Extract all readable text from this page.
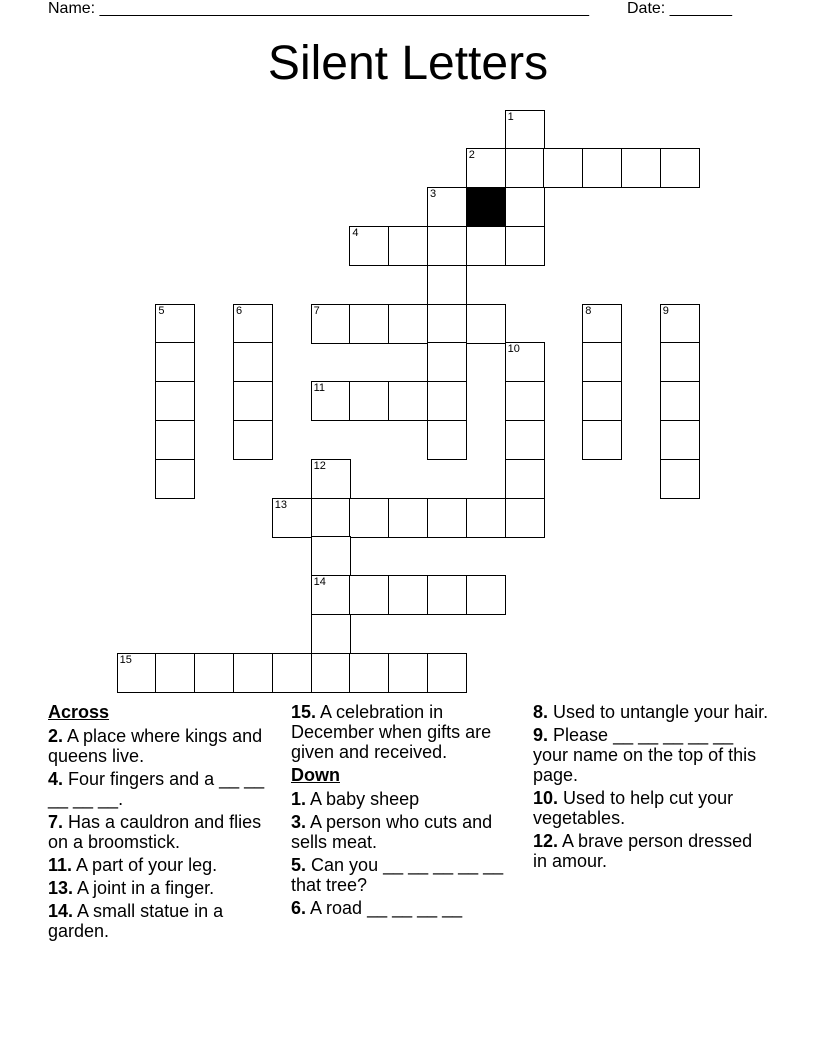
Name: _______________________________________________________ Date: _______
Silent Letters
1
2
3
4
5	6	7	8	9
10
11
12
13
14
15
Across
2. A place where kings and queens live.
4. Four fingers and a __ __ __ __ __.
7. Has a cauldron and flies on a broomstick.
11. A part of your leg.
13. A joint in a finger.
14. A small statue in a garden.
15. A celebration in December when gifts are given and received.
Down
1. A baby sheep
3. A person who cuts and sells meat.
5. Can you __ __ __ __ __ that tree?
6. A road __ __ __ __
8. Used to untangle your hair.
9. Please __ __ __ __ __ your name on the top of this page.
10. Used to help cut your vegetables.
12. A brave person dressed in amour.
